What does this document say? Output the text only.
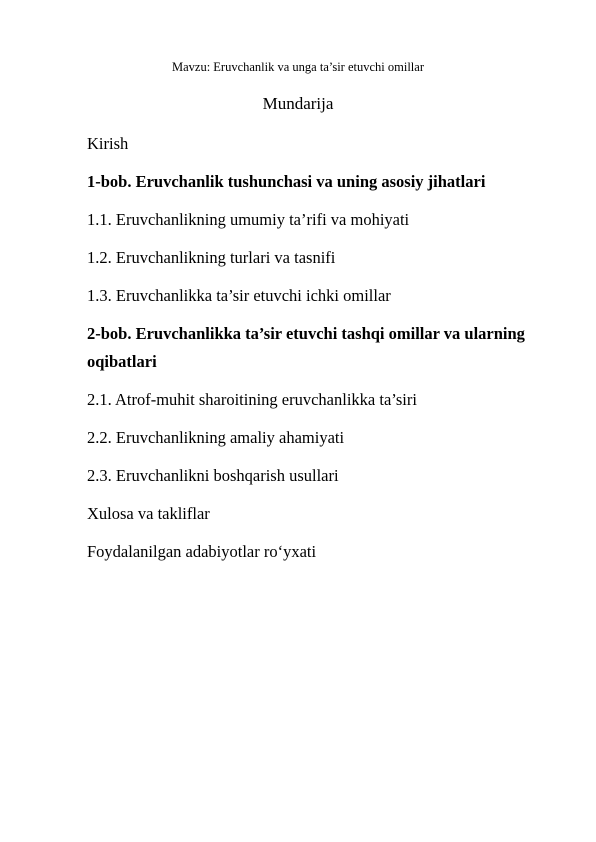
Mavzu: Eruvchanlik va unga ta’sir etuvchi omillar
Mundarija
Kirish
1-bob. Eruvchanlik tushunchasi va uning asosiy jihatlari
1.1. Eruvchanlikning umumiy ta’rifi va mohiyati
1.2. Eruvchanlikning turlari va tasnifi
1.3. Eruvchanlikka ta’sir etuvchi ichki omillar
2-bob. Eruvchanlikka ta’sir etuvchi tashqi omillar va ularning oqibatlari
2.1. Atrof-muhit sharoitining eruvchanlikka ta’siri
2.2. Eruvchanlikning amaliy ahamiyati
2.3. Eruvchanlikni boshqarish usullari
Xulosa va takliflar
Foydalanilgan adabiyotlar ro‘yxati
